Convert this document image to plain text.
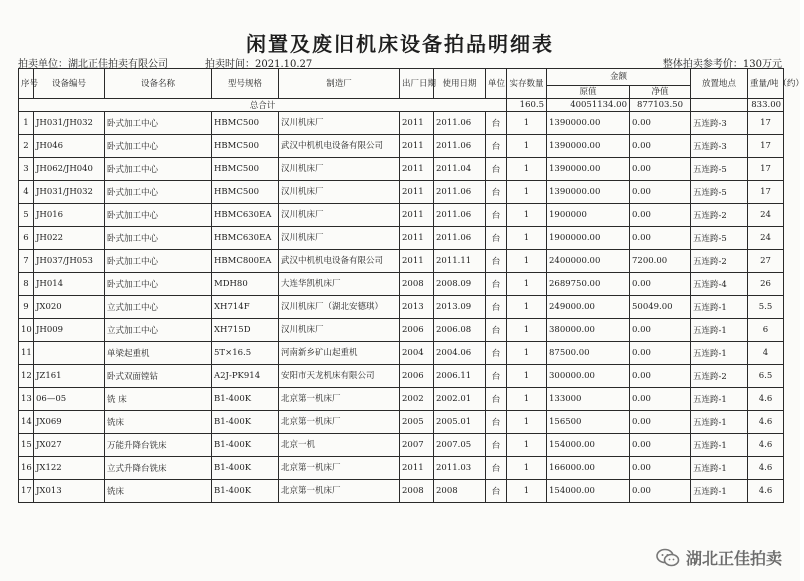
闲置及废旧机床设备拍品明细表
拍卖单位：湖北正佳拍卖有限公司	拍卖时间：2021.10.27	整体拍卖参考价：130万元
序号	设备编号	设备名称	型号规格	制造厂	出厂日期	使用日期	单位	实存数量	金额		放置地点	重量/吨（约）
									原值	净值		
总合计								160.5	40051134.00	877103.50		833.00
1	JH031/JH032	卧式加工中心	HBMC500	汉川机床厂	2011	2011.06	台	1	1390000.00	0.00	五连跨-3	17
2	JH046	卧式加工中心	HBMC500	武汉中机机电设备有限公司	2011	2011.06	台	1	1390000.00	0.00	五连跨-3	17
3	JH062/JH040	卧式加工中心	HBMC500	汉川机床厂	2011	2011.04	台	1	1390000.00	0.00	五连跨-5	17
4	JH031/JH032	卧式加工中心	HBMC500	汉川机床厂	2011	2011.06	台	1	1390000.00	0.00	五连跨-5	17
5	JH016	卧式加工中心	HBMC630EA	汉川机床厂	2011	2011.06	台	1	1900000	0.00	五连跨-2	24
6	JH022	卧式加工中心	HBMC630EA	汉川机床厂	2011	2011.06	台	1	1900000.00	0.00	五连跨-5	24
7	JH037/JH053	卧式加工中心	HBMC800EA	武汉中机机电设备有限公司	2011	2011.11	台	1	2400000.00	7200.00	五连跨-2	27
8	JH014	卧式加工中心	MDH80	大连华凯机床厂	2008	2008.09	台	1	2689750.00	0.00	五连跨-4	26
9	JX020	立式加工中心	XH714F	汉川机床厂（湖北安德琪）	2013	2013.09	台	1	249000.00	50049.00	五连跨-1	5.5
10	JH009	立式加工中心	XH715D	汉川机床厂	2006	2006.08	台	1	380000.00	0.00	五连跨-1	6
11		单梁起重机	5T×16.5	河南新乡矿山起重机	2004	2004.06	台	1	87500.00	0.00	五连跨-1	4
12	JZ161	卧式双面镗钻	A2J-PK914	安阳市天龙机床有限公司	2006	2006.11	台	1	300000.00	0.00	五连跨-2	6.5
13	06—05	铣 床	B1-400K	北京第一机床厂	2002	2002.01	台	1	133000	0.00	五连跨-1	4.6
14	JX069	铣床	B1-400K	北京第一机床厂	2005	2005.01	台	1	156500	0.00	五连跨-1	4.6
15	JX027	万能升降台铣床	B1-400K	北京一机	2007	2007.05	台	1	154000.00	0.00	五连跨-1	4.6
16	JX122	立式升降台铣床	B1-400K	北京第一机床厂	2011	2011.03	台	1	166000.00	0.00	五连跨-1	4.6
17	JX013	铣床	B1-400K	北京第一机床厂	2008	2008	台	1	154000.00	0.00	五连跨-1	4.6
湖北正佳拍卖
